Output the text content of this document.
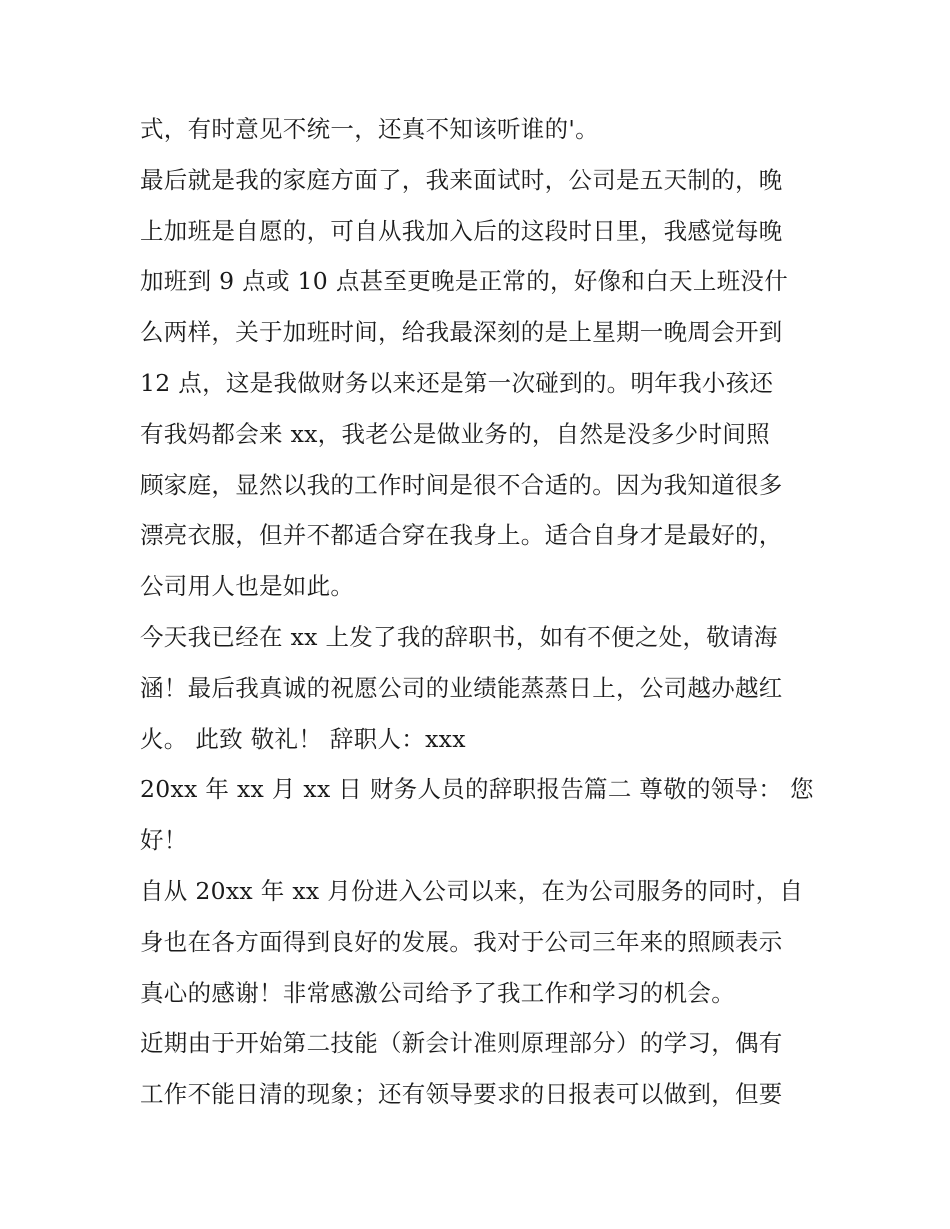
式，有时意见不统一，还真不知该听谁的'。
最后就是我的家庭方面了，我来面试时，公司是五天制的，晚
上加班是自愿的，可自从我加入后的这段时日里，我感觉每晚
加班到 9 点或 10 点甚至更晚是正常的，好像和白天上班没什
么两样，关于加班时间，给我最深刻的是上星期一晚周会开到
12 点，这是我做财务以来还是第一次碰到的。明年我小孩还
有我妈都会来 xx，我老公是做业务的，自然是没多少时间照
顾家庭，显然以我的工作时间是很不合适的。因为我知道很多
漂亮衣服，但并不都适合穿在我身上。适合自身才是最好的，
公司用人也是如此。
今天我已经在 xx 上发了我的辞职书，如有不便之处，敬请海
涵！最后我真诚的祝愿公司的业绩能蒸蒸日上，公司越办越红
火。 此致 敬礼！ 辞职人：xxx
20xx 年 xx 月 xx 日 财务人员的辞职报告篇二 尊敬的领导： 您
好！
自从 20xx 年 xx 月份进入公司以来，在为公司服务的同时，自
身也在各方面得到良好的发展。我对于公司三年来的照顾表示
真心的感谢！非常感激公司给予了我工作和学习的机会。
近期由于开始第二技能（新会计准则原理部分）的学习，偶有
工作不能日清的现象；还有领导要求的日报表可以做到，但要
